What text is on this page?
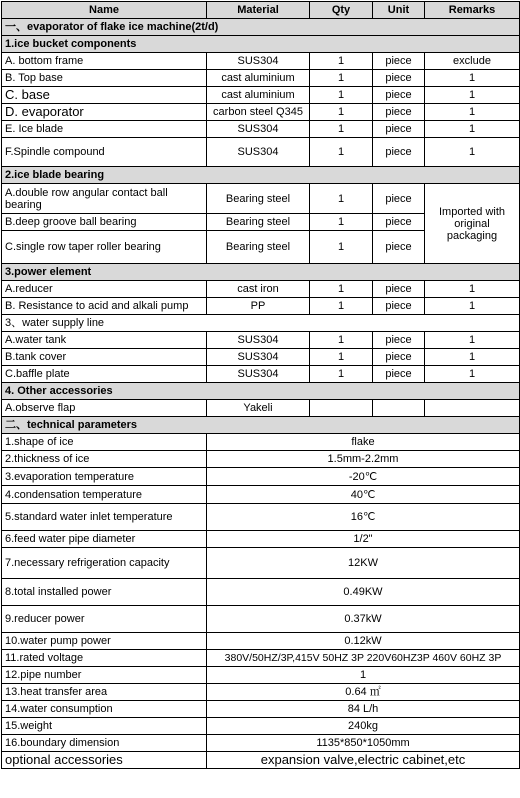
Name	Material	Qty	Unit	Remarks
一、evaporator of flake ice machine(2t/d)				
1.ice bucket components				
A. bottom frame	SUS304	1	piece	exclude
B. Top base	cast aluminium	1	piece	1
C. base	cast aluminium	1	piece	1
D. evaporator	carbon steel Q345	1	piece	1
E. Ice blade	SUS304	1	piece	1
F.Spindle compound	SUS304	1	piece	1
2.ice blade bearing				
A.double row angular contact ball bearing	Bearing steel	1	piece	Imported with original packaging
B.deep groove ball bearing	Bearing steel	1	piece	
C.single row taper roller bearing	Bearing steel	1	piece	
3.power element				
A.reducer	cast iron	1	piece	1
B. Resistance to acid and alkali pump	PP	1	piece	1
3、water supply line				
A.water tank	SUS304	1	piece	1
B.tank cover	SUS304	1	piece	1
C.baffle plate	SUS304	1	piece	1
4. Other accessories				
A.observe flap	Yakeli			
二、technical parameters				
1.shape of ice	flake			
2.thickness of ice	1.5mm-2.2mm			
3.evaporation temperature	-20℃			
4.condensation temperature	40℃			
5.standard water inlet temperature	16℃			
6.feed water pipe diameter	1/2"			
7.necessary refrigeration capacity	12KW			
8.total installed power	0.49KW			
9.reducer power	0.37kW			
10.water pump power	0.12kW			
11.rated voltage	380V/50HZ/3P,415V 50HZ 3P 220V60HZ3P 460V 60HZ 3P			
12.pipe number	1			
13.heat transfer area	0.64 ㎡			
14.water consumption	84 L/h			
15.weight	240kg			
16.boundary dimension	1135*850*1050mm			
optional accessories	expansion valve,electric cabinet,etc			
